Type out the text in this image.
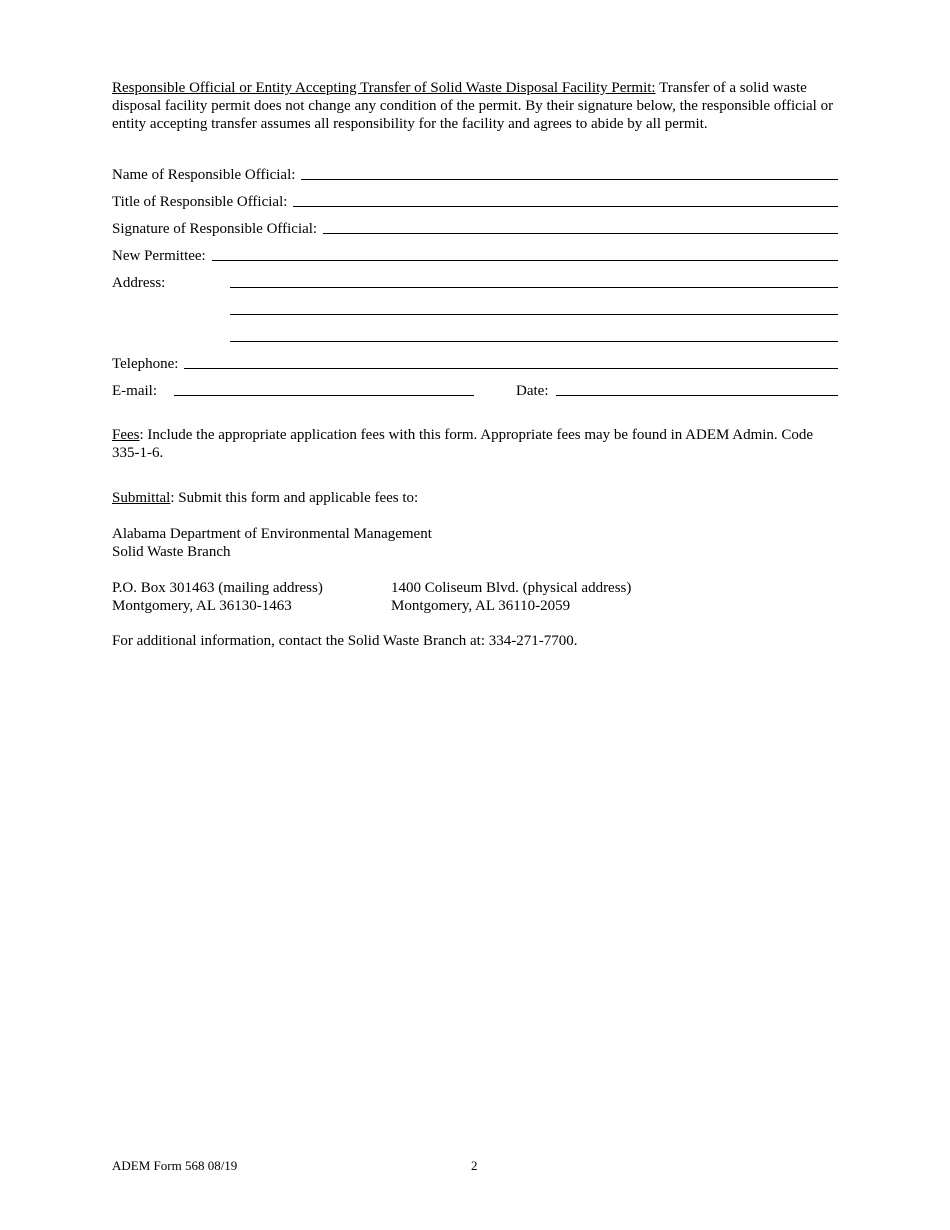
Responsible Official or Entity Accepting Transfer of Solid Waste Disposal Facility Permit: Transfer of a solid waste disposal facility permit does not change any condition of the permit. By their signature below, the responsible official or entity accepting transfer assumes all responsibility for the facility and agrees to abide by all permit.

Name of Responsible Official:
Title of Responsible Official:
Signature of Responsible Official:
New Permittee:
Address:
Telephone:
E-mail:	Date:

Fees: Include the appropriate application fees with this form. Appropriate fees may be found in ADEM Admin. Code 335-1-6.

Submittal: Submit this form and applicable fees to:

Alabama Department of Environmental Management
Solid Waste Branch
P.O. Box 301463 (mailing address)
Montgomery, AL 36130-1463
1400 Coliseum Blvd. (physical address)
Montgomery, AL 36110-2059

For additional information, contact the Solid Waste Branch at: 334-271-7700.

ADEM Form 568 08/19	2
